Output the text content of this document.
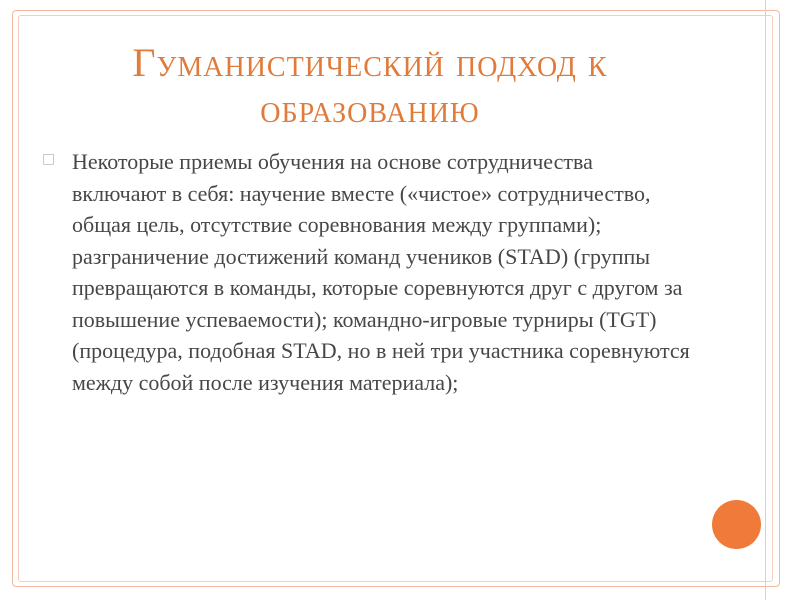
Гуманистический подход к образованию
□ Некоторые приемы обучения на основе сотрудничества включают в себя: научение вместе («чистое» сотрудничество, общая цель, отсутствие соревнования между группами); разграничение достижений команд учеников (STAD) (группы превращаются в команды, которые соревнуются друг с другом за повышение успеваемости); командно-игровые турниры (TGT) (процедура, подобная STAD, но в ней три участника соревнуются между собой после изучения материала);
